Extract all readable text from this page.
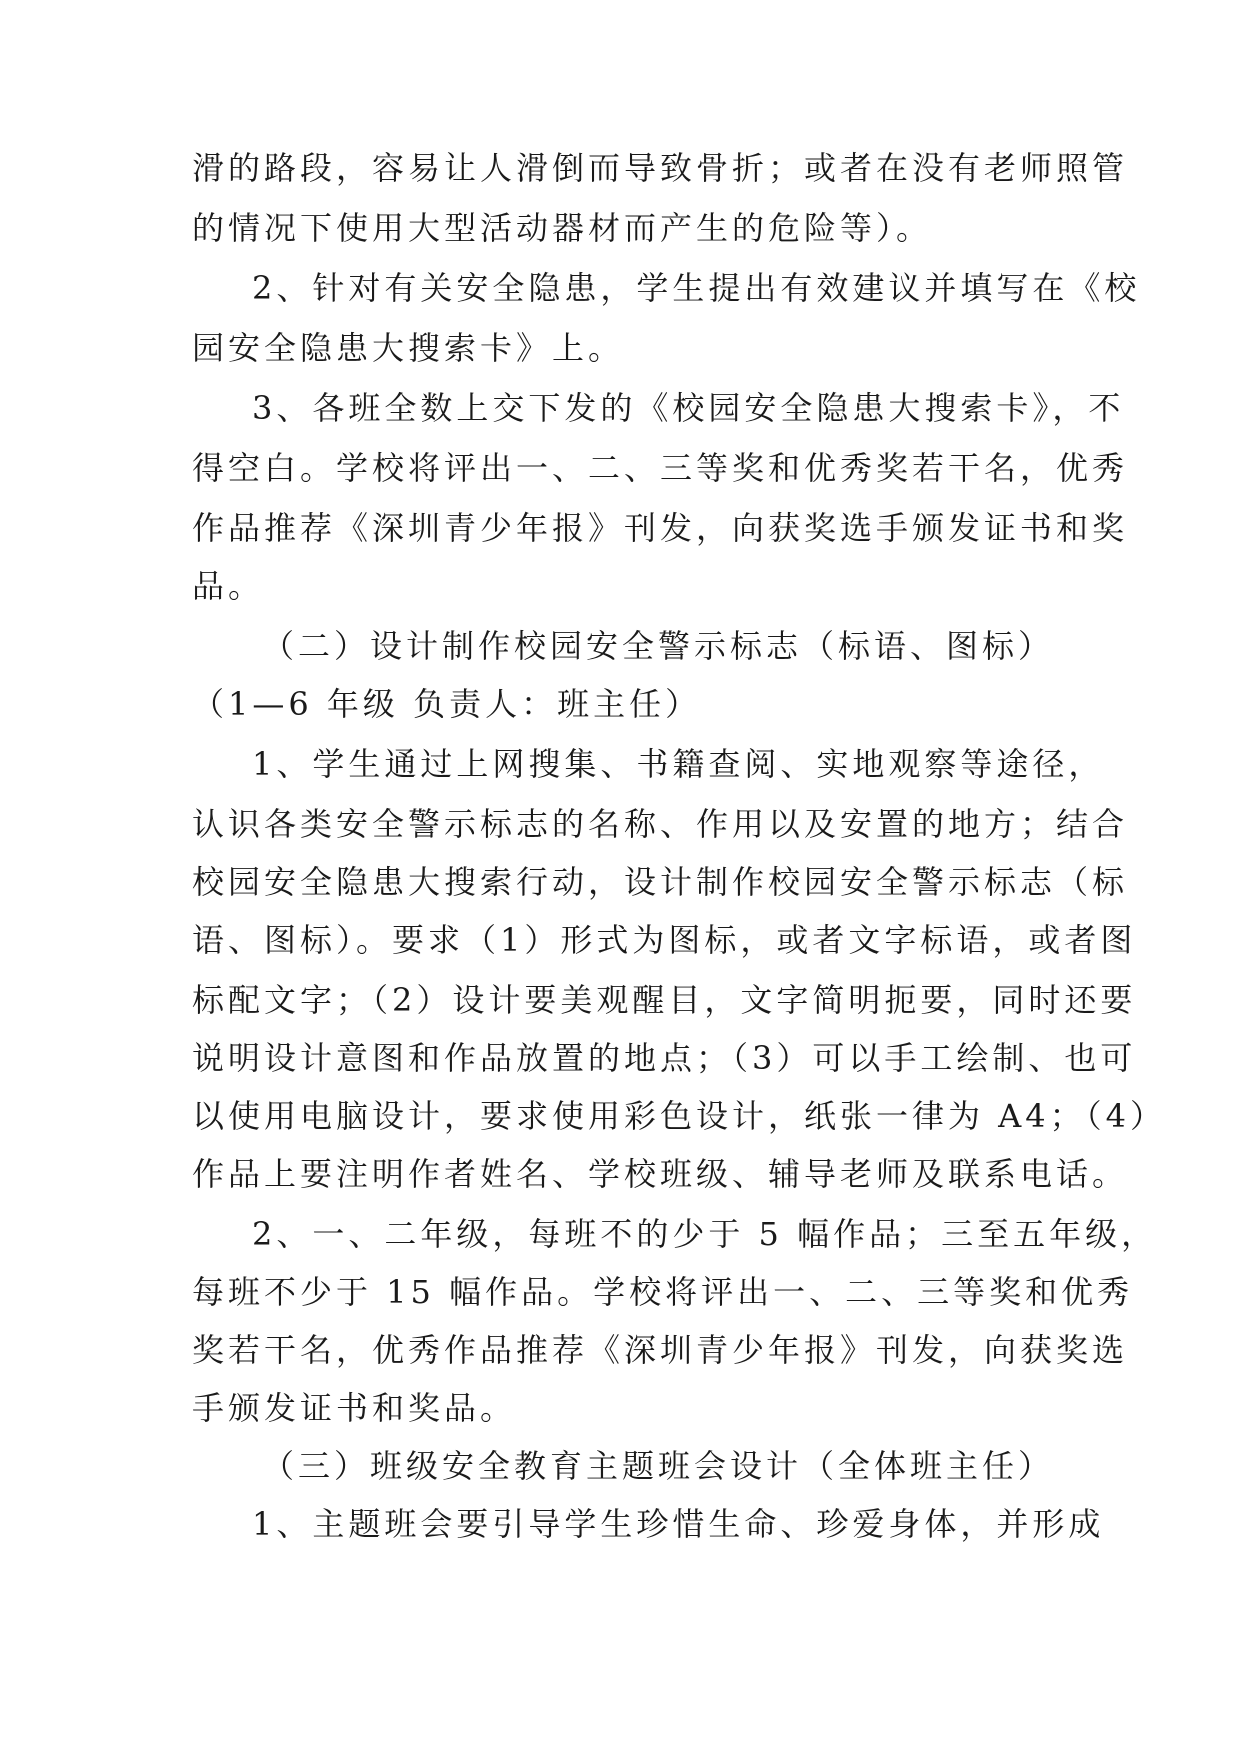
滑的路段，容易让人滑倒而导致骨折；或者在没有老师照管
的情况下使用大型活动器材而产生的危险等）。
2、针对有关安全隐患，学生提出有效建议并填写在《校
园安全隐患大搜索卡》上。
3、各班全数上交下发的《校园安全隐患大搜索卡》，不
得空白。学校将评出一、二、三等奖和优秀奖若干名，优秀
作品推荐《深圳青少年报》刊发，向获奖选手颁发证书和奖
品。
（二）设计制作校园安全警示标志（标语、图标）
（1—6 年级 负责人：班主任）
1、学生通过上网搜集、书籍查阅、实地观察等途径，
认识各类安全警示标志的名称、作用以及安置的地方；结合
校园安全隐患大搜索行动，设计制作校园安全警示标志（标
语、图标）。要求（1）形式为图标，或者文字标语，或者图
标配文字；（2）设计要美观醒目，文字简明扼要，同时还要
说明设计意图和作品放置的地点；（3）可以手工绘制、也可
以使用电脑设计，要求使用彩色设计，纸张一律为 A4；（4）
作品上要注明作者姓名、学校班级、辅导老师及联系电话。
2、一、二年级，每班不的少于 5 幅作品；三至五年级，
每班不少于 15 幅作品。学校将评出一、二、三等奖和优秀
奖若干名，优秀作品推荐《深圳青少年报》刊发，向获奖选
手颁发证书和奖品。
（三）班级安全教育主题班会设计（全体班主任）
1、主题班会要引导学生珍惜生命、珍爱身体，并形成
